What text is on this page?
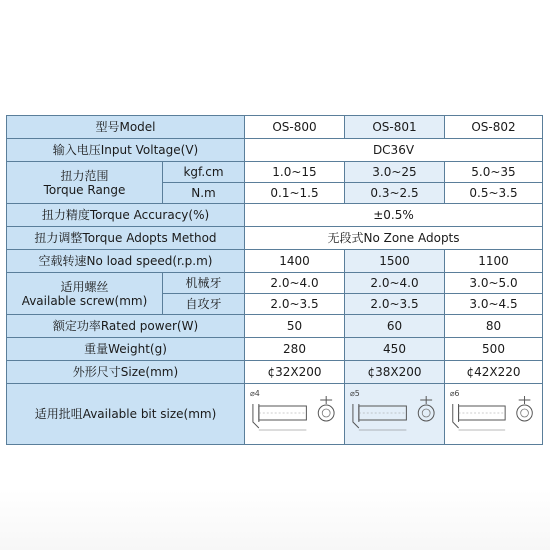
型号Model		OS-800	OS-801	OS-802
输入电压Input Voltage(V)		DC36V		
扭力范围
Torque Range	kgf.cm	1.0~15	3.0~25	5.0~35
	N.m	0.1~1.5	0.3~2.5	0.5~3.5
扭力精度Torque Accuracy(%)		±0.5%		
扭力调整Torque Adopts Method		无段式No Zone Adopts		
空载转速No load speed(r.p.m)		1400	1500	1100
适用螺丝
Available screw(mm)	机械牙	2.0~4.0	2.0~4.0	3.0~5.0
	自攻牙	2.0~3.5	2.0~3.5	3.0~4.5
额定功率Rated power(W)		50	60	80
重量Weight(g)		280	450	500
外形尺寸Size(mm)		¢32X200	¢38X200	¢42X220
适用批咀Available bit size(mm)		⌀4	⌀5	⌀6
